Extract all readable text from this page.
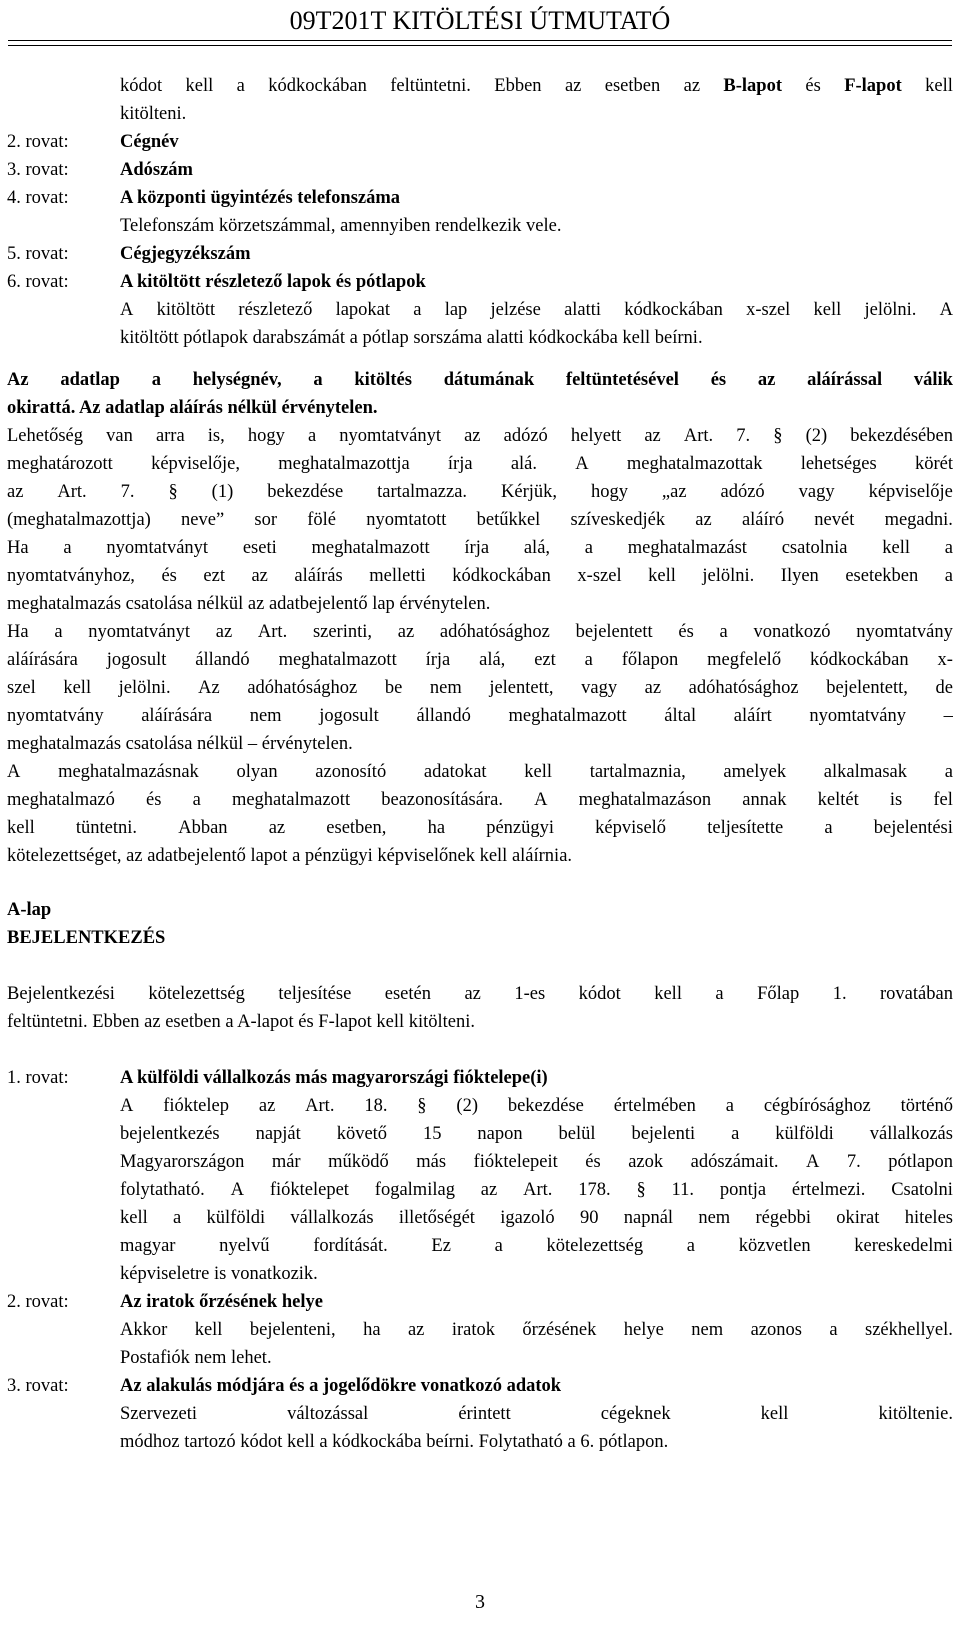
09T201T KITÖLTÉSI ÚTMUTATÓ
kódot kell a kódkockában feltüntetni. Ebben az esetben az B-lapot és F-lapot kell
kitölteni.
2. rovat:	Cégnév
3. rovat:	Adószám
4. rovat:	A központi ügyintézés telefonszáma
Telefonszám körzetszámmal, amennyiben rendelkezik vele.
5. rovat:	Cégjegyzékszám
6. rovat:	A kitöltött részletező lapok és pótlapok
A kitöltött részletező lapokat a lap jelzése alatti kódkockában x-szel kell jelölni. A
kitöltött pótlapok darabszámát a pótlap sorszáma alatti kódkockába kell beírni.
Az adatlap a helységnév, a kitöltés dátumának feltüntetésével és az aláírással válik
okirattá. Az adatlap aláírás nélkül érvénytelen.
Lehetőség van arra is, hogy a nyomtatványt az adózó helyett az Art. 7. § (2) bekezdésében
meghatározott képviselője, meghatalmazottja írja alá. A meghatalmazottak lehetséges körét
az Art. 7. § (1) bekezdése tartalmazza. Kérjük, hogy „az adózó vagy képviselője
(meghatalmazottja) neve” sor fölé nyomtatott betűkkel szíveskedjék az aláíró nevét megadni.
Ha a nyomtatványt eseti meghatalmazott írja alá, a meghatalmazást csatolnia kell a
nyomtatványhoz, és ezt az aláírás melletti kódkockában x-szel kell jelölni. Ilyen esetekben a
meghatalmazás csatolása nélkül az adatbejelentő lap érvénytelen.
Ha a nyomtatványt az Art. szerinti, az adóhatósághoz bejelentett és a vonatkozó nyomtatvány
aláírására jogosult állandó meghatalmazott írja alá, ezt a főlapon megfelelő kódkockában x-
szel kell jelölni. Az adóhatósághoz be nem jelentett, vagy az adóhatósághoz bejelentett, de
nyomtatvány aláírására nem jogosult állandó meghatalmazott által aláírt nyomtatvány –
meghatalmazás csatolása nélkül – érvénytelen.
A meghatalmazásnak olyan azonosító adatokat kell tartalmaznia, amelyek alkalmasak a
meghatalmazó és a meghatalmazott beazonosítására. A meghatalmazáson annak keltét is fel
kell tüntetni. Abban az esetben, ha pénzügyi képviselő teljesítette a bejelentési
kötelezettséget, az adatbejelentő lapot a pénzügyi képviselőnek kell aláírnia.
A-lap
BEJELENTKEZÉS
Bejelentkezési kötelezettség teljesítése esetén az 1-es kódot kell a Főlap 1. rovatában
feltüntetni. Ebben az esetben a A-lapot és F-lapot kell kitölteni.
1. rovat:	A külföldi vállalkozás más magyarországi fióktelepe(i)
A fióktelep az Art. 18. § (2) bekezdése értelmében a cégbírósághoz történő
bejelentkezés napját követő 15 napon belül bejelenti a külföldi vállalkozás
Magyarországon már működő más fióktelepeit és azok adószámait. A 7. pótlapon
folytatható. A fióktelepet fogalmilag az Art. 178. § 11. pontja értelmezi. Csatolni
kell a külföldi vállalkozás illetőségét igazoló 90 napnál nem régebbi okirat hiteles
magyar nyelvű fordítását. Ez a kötelezettség a közvetlen kereskedelmi
képviseletre is vonatkozik.
2. rovat:	Az iratok őrzésének helye
Akkor kell bejelenteni, ha az iratok őrzésének helye nem azonos a székhellyel.
Postafiók nem lehet.
3. rovat:	Az alakulás módjára és a jogelődökre vonatkozó adatok
Szervezeti	változással	érintett	cégeknek	kell	kitöltenie.
módhoz tartozó kódot kell a kódkockába beírni. Folytatható a 6. pótlapon.
3
